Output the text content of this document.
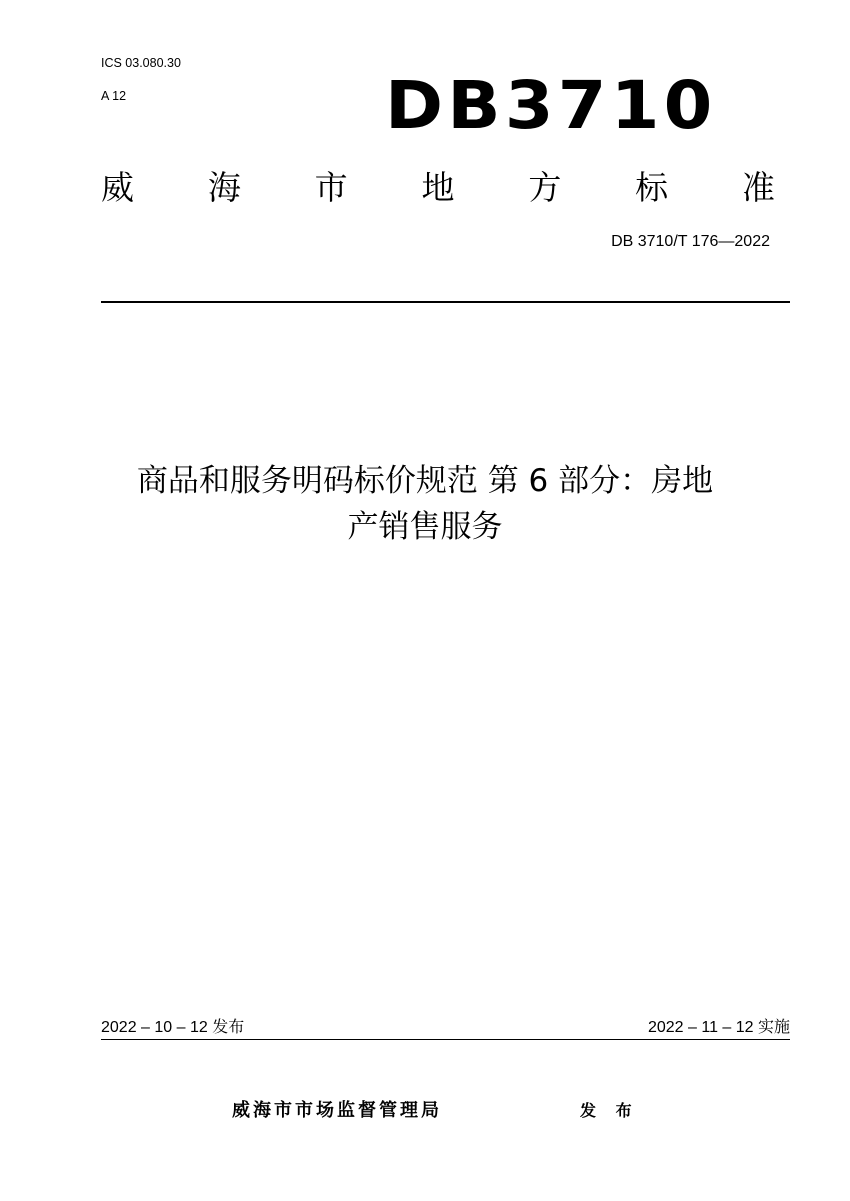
ICS 03.080.30
A 12	DB3710
威 海 市 地 方 标 准
DB 3710/T 176—2022
商品和服务明码标价规范 第 6 部分：房地
产销售服务
2022 – 10 – 12 发布	2022 – 11 – 12 实施
威海市市场监督管理局	发 布
